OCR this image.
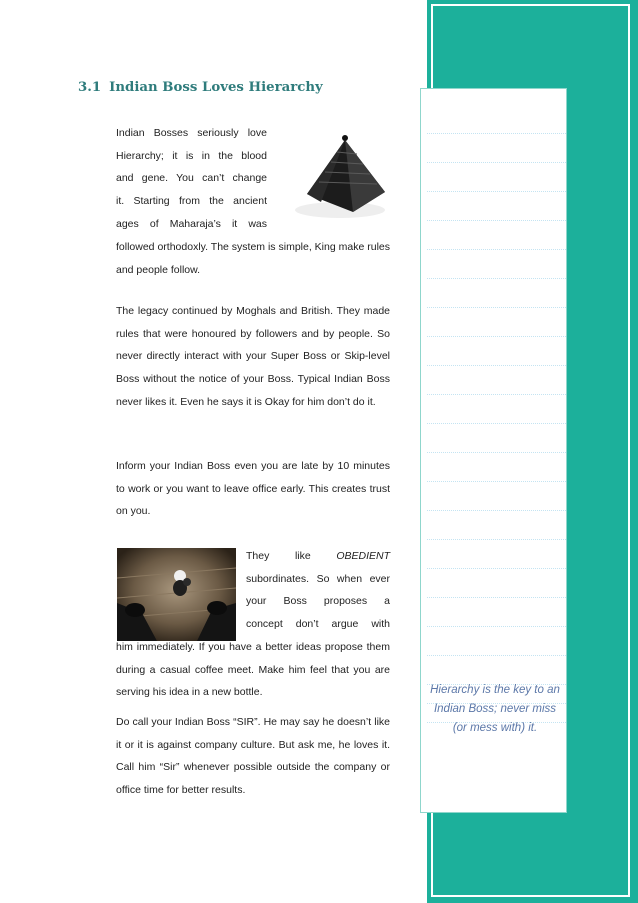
Hierarchy is the key to an Indian Boss; never miss (or mess with) it.
3.1 Indian Boss Loves Hierarchy

Indian Bosses seriously love

Hierarchy; it is in the blood

and gene. You can’t change

it. Starting from the ancient

ages of Maharaja’s it was

followed orthodoxly. The system is simple, King make rules and people follow.
The legacy continued by Moghals and British. They made rules that were honoured by followers and by people. So never directly interact with your Super Boss or Skip-level Boss without the notice of your Boss. Typical Indian Boss never likes it. Even he says it is Okay for him don’t do it.
Inform your Indian Boss even you are late by 10 minutes to work or you want to leave office early. This creates trust on you.

They   like   OBEDIENT

subordinates. So when ever

your Boss proposes a

concept don’t argue with

him immediately. If you have a better ideas propose them during a casual coffee meet. Make him feel that you are serving his idea in a new bottle.
Do call your Indian Boss “SIR”. He may say he doesn’t like it or it is against company culture. But ask me, he loves it. Call him “Sir” whenever possible outside the company or office time for better results.
